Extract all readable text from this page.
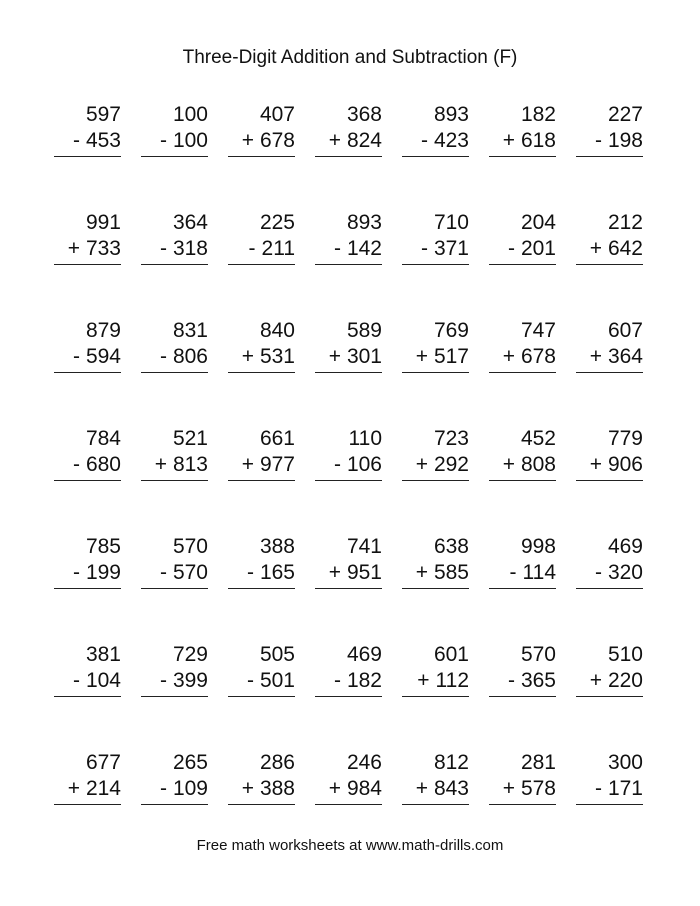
Three-Digit Addition and Subtraction (F)
597
- 453
100
- 100
407
+ 678
368
+ 824
893
- 423
182
+ 618
227
- 198
991
+ 733
364
- 318
225
- 211
893
- 142
710
- 371
204
- 201
212
+ 642
879
- 594
831
- 806
840
+ 531
589
+ 301
769
+ 517
747
+ 678
607
+ 364
784
- 680
521
+ 813
661
+ 977
110
- 106
723
+ 292
452
+ 808
779
+ 906
785
- 199
570
- 570
388
- 165
741
+ 951
638
+ 585
998
- 114
469
- 320
381
- 104
729
- 399
505
- 501
469
- 182
601
+ 112
570
- 365
510
+ 220
677
+ 214
265
- 109
286
+ 388
246
+ 984
812
+ 843
281
+ 578
300
- 171
Free math worksheets at www.math-drills.com
